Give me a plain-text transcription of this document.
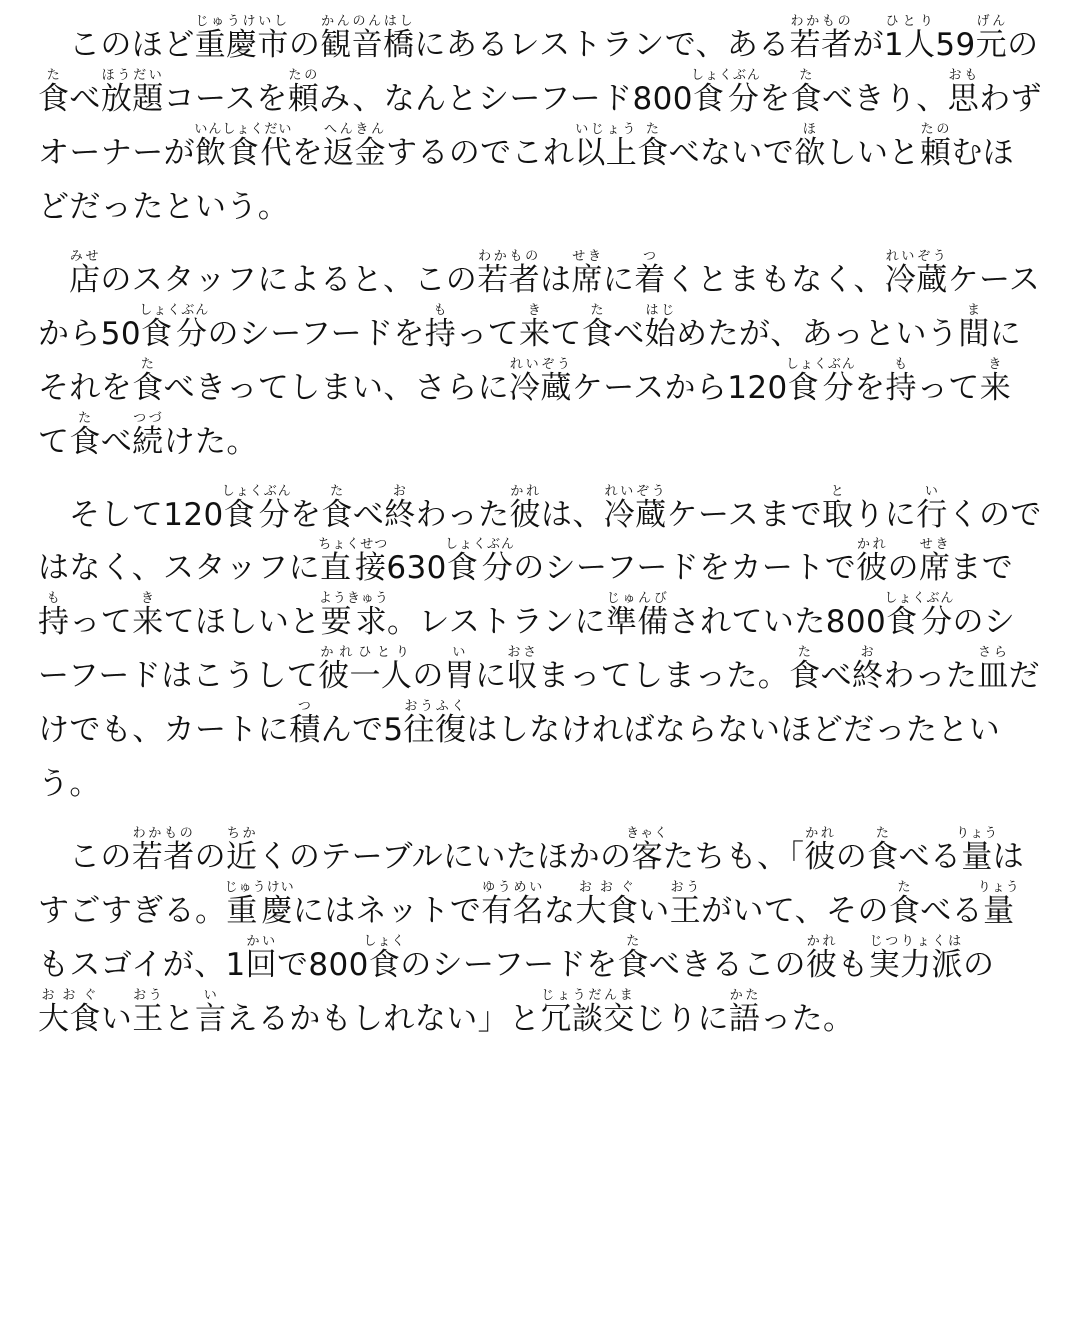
このほど重慶市じゅうけいしの観音橋かんのんはしにあるレストランで、ある若者わかものが1人ひとり59元げんの食たべ放題ほうだいコースを頼たのみ、なんとシーフード800食分しょくぶんを食たべきり、思おもわずオーナーが飲食代いんしょくだいを返金へんきんするのでこれ以上いじょう食たべないで欲ほしいと頼たのむほどだったという。

店みせのスタッフによると、この若者わかものは席せきに着つくとまもなく、冷蔵れいぞうケースから50食分しょくぶんのシーフードを持もって来きて食たべ始はじめたが、あっという間まにそれを食たべきってしまい、さらに冷蔵れいぞうケースから120食分しょくぶんを持もって来きて食たべ続つづけた。

そして120食分しょくぶんを食たべ終おわった彼かれは、冷蔵れいぞうケースまで取とりに行いくのではなく、スタッフに直接ちょくせつ630食分しょくぶんのシーフードをカートで彼かれの席せきまで持もって来きてほしいと要求ようきゅう。レストランに準備じゅんびされていた800食分しょくぶんのシーフードはこうして彼一人かれひとりの胃いに収おさまってしまった。食たべ終おわった皿さらだけでも、カートに積つんで5往復おうふくはしなければならないほどだったという。

この若者わかものの近ちかくのテーブルにいたほかの客きゃくたちも、「彼かれの食たべる量りょうはすごすぎる。重慶じゅうけいにはネットで有名ゆうめいな大食おおぐい王おうがいて、その食たべる量りょうもスゴイが、1回かいで800食しょくのシーフードを食たべきるこの彼かれも実力派じつりょくはの大食おおぐい王おうと言いえるかもしれない」と冗談交じょうだんまじりに語かたった。
